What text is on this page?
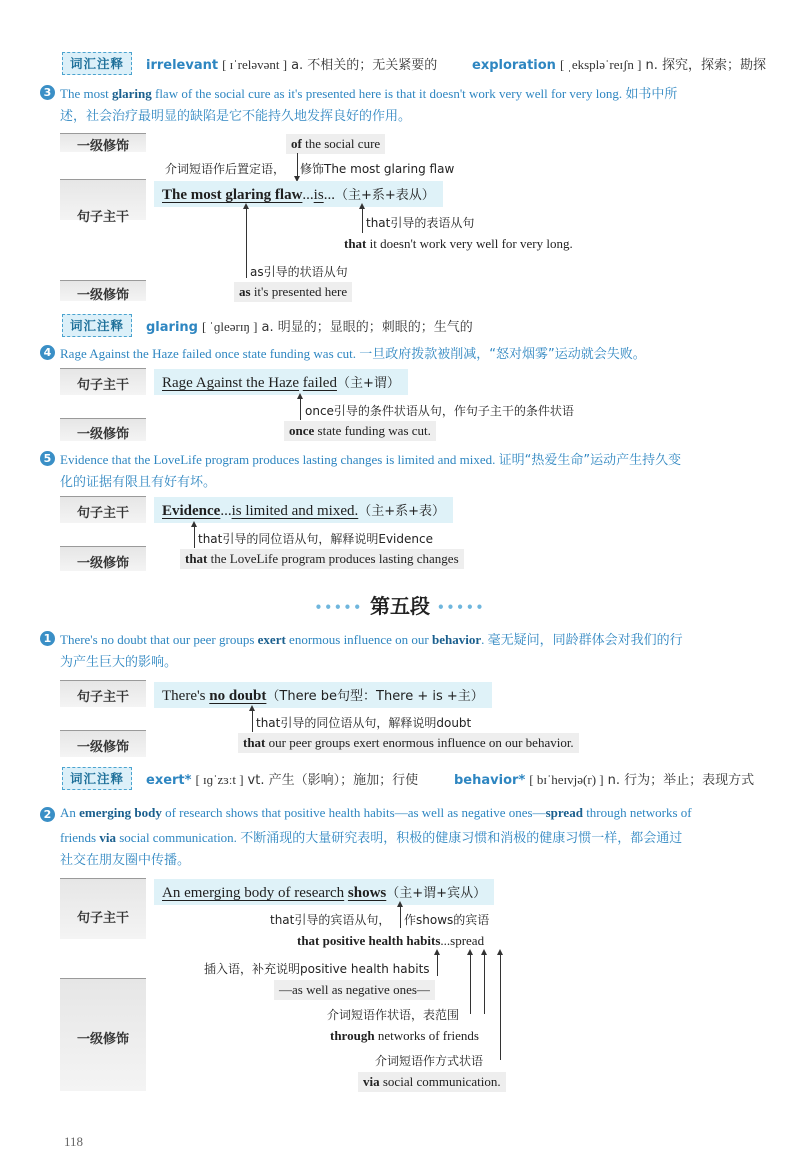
词汇注释	irrelevant [ ɪˈreləvənt ] a. 不相关的；无关紧要的	exploration [ ˌekspləˈreɪʃn ] n. 探究，探索；勘探
3 The most glaring flaw of the social cure as it's presented here is that it doesn't work very well for very long. 如书中所
述，社会治疗最明显的缺陷是它不能持久地发挥良好的作用。
一级修饰	of the social cure
介词短语作后置定语， 修饰The most glaring flaw
句子主干
The most glaring flaw...is...（主+系+表从）
that引导的表语从句
that it doesn't work very well for very long.
as引导的状语从句
一级修饰	as it's presented here
词汇注释	glaring [ ˈɡleərɪŋ ] a. 明显的；显眼的；刺眼的；生气的
4 Rage Against the Haze failed once state funding was cut. 一旦政府拨款被削减，“怒对烟雾”运动就会失败。
句子主干	Rage Against the Haze failed（主+谓）
once引导的条件状语从句，作句子主干的条件状语
一级修饰	once state funding was cut.
5 Evidence that the LoveLife program produces lasting changes is limited and mixed. 证明“热爱生命”运动产生持久变
化的证据有限且有好有坏。
句子主干	Evidence...is limited and mixed.（主+系+表）
that引导的同位语从句，解释说明Evidence
一级修饰	that the LoveLife program produces lasting changes
••••• 第五段 •••••
1 There's no doubt that our peer groups exert enormous influence on our behavior. 毫无疑问，同龄群体会对我们的行
为产生巨大的影响。
句子主干	There's no doubt（There be句型：There + is +主）
that引导的同位语从句，解释说明doubt
一级修饰	that our peer groups exert enormous influence on our behavior.
词汇注释	exert* [ ɪɡˈzɜːt ] vt. 产生（影响）；施加；行使	behavior* [ bɪˈheɪvjə(r) ] n. 行为；举止；表现方式
2 An emerging body of research shows that positive health habits—as well as negative ones—spread through networks of
friends via social communication. 不断涌现的大量研究表明，积极的健康习惯和消极的健康习惯一样，都会通过
社交在朋友圈中传播。
句子主干
An emerging body of research shows（主+谓+宾从）
that引导的宾语从句， 作shows的宾语
that positive health habits...spread
一级修饰
插入语，补充说明positive health habits
—as well as negative ones—
介词短语作状语，表范围
through networks of friends
介词短语作方式状语
via social communication.
118
